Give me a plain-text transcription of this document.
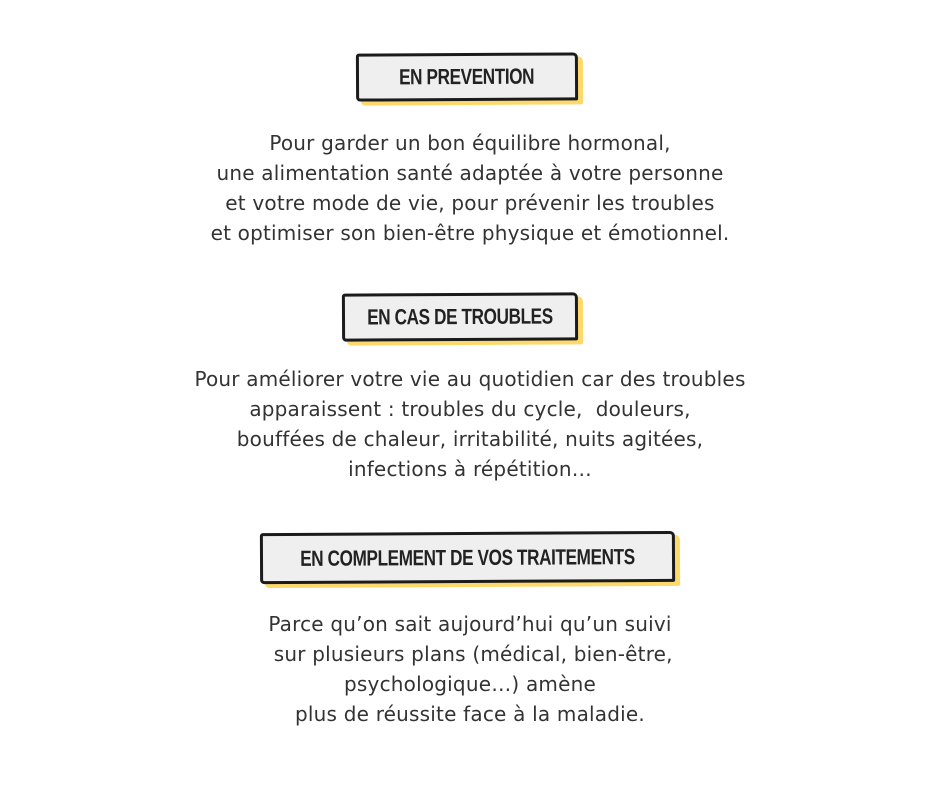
EN PREVENTION
Pour garder un bon équilibre hormonal,
une alimentation santé adaptée à votre personne
et votre mode de vie, pour prévenir les troubles
et optimiser son bien-être physique et émotionnel.
EN CAS DE TROUBLES
Pour améliorer votre vie au quotidien car des troubles
apparaissent : troubles du cycle,  douleurs,
bouffées de chaleur, irritabilité, nuits agitées,
infections à répétition…
EN COMPLEMENT DE VOS TRAITEMENTS
Parce qu’on sait aujourd’hui qu’un suivi
sur plusieurs plans (médical, bien-être,
psychologique…) amène
plus de réussite face à la maladie.
